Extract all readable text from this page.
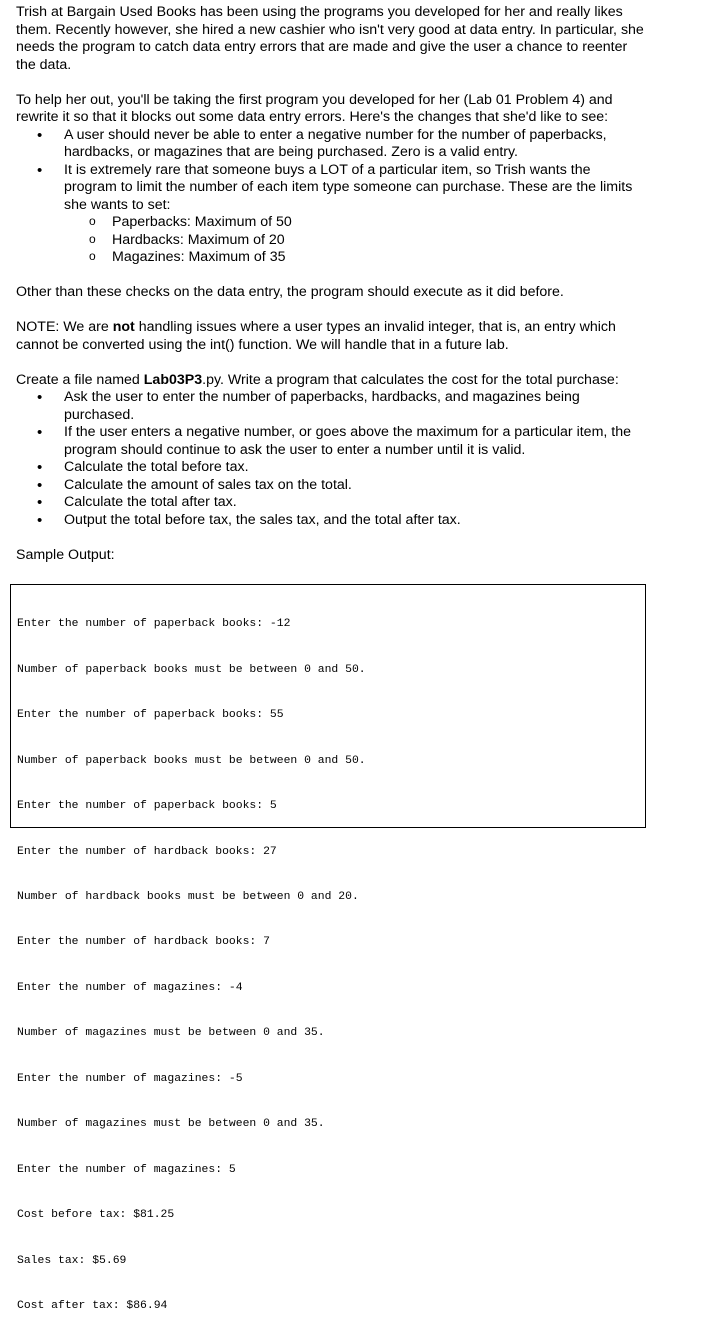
Trish at Bargain Used Books has been using the programs you developed for her and really likes them. Recently however, she hired a new cashier who isn't very good at data entry. In particular, she needs the program to catch data entry errors that are made and give the user a chance to reenter the data.

To help her out, you'll be taking the first program you developed for her (Lab 01 Problem 4) and rewrite it so that it blocks out some data entry errors. Here's the changes that she'd like to see:

• A user should never be able to enter a negative number for the number of paperbacks, hardbacks, or magazines that are being purchased. Zero is a valid entry.
• It is extremely rare that someone buys a LOT of a particular item, so Trish wants the program to limit the number of each item type someone can purchase. These are the limits she wants to set:
o Paperbacks: Maximum of 50
o Hardbacks: Maximum of 20
o Magazines: Maximum of 35

Other than these checks on the data entry, the program should execute as it did before.

NOTE: We are not handling issues where a user types an invalid integer, that is, an entry which cannot be converted using the int() function. We will handle that in a future lab.

Create a file named Lab03P3.py. Write a program that calculates the cost for the total purchase:

• Ask the user to enter the number of paperbacks, hardbacks, and magazines being purchased.
• If the user enters a negative number, or goes above the maximum for a particular item, the program should continue to ask the user to enter a number until it is valid.
• Calculate the total before tax.
• Calculate the amount of sales tax on the total.
• Calculate the total after tax.
• Output the total before tax, the sales tax, and the total after tax.

Sample Output:

Enter the number of paperback books: -12

Number of paperback books must be between 0 and 50.

Enter the number of paperback books: 55

Number of paperback books must be between 0 and 50.

Enter the number of paperback books: 5

Enter the number of hardback books: 27

Number of hardback books must be between 0 and 20.

Enter the number of hardback books: 7

Enter the number of magazines: -4

Number of magazines must be between 0 and 35.

Enter the number of magazines: -5

Number of magazines must be between 0 and 35.

Enter the number of magazines: 5

Cost before tax: $81.25

Sales tax: $5.69

Cost after tax: $86.94
